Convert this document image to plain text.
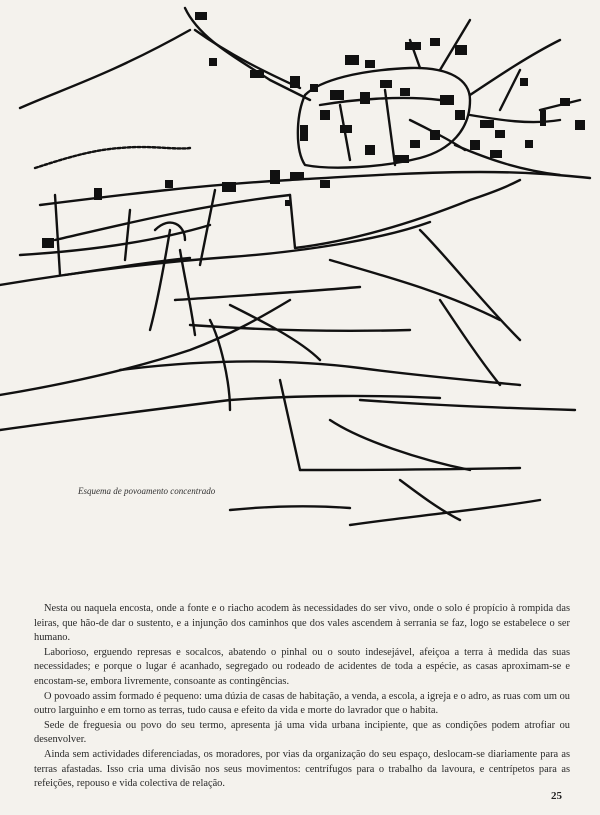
Esquema de povoamento concentrado

Nesta ou naquela encosta, onde a fonte e o riacho acodem às necessidades do ser vivo, onde o solo é propício à rompida das leiras, que hão-de dar o sustento, e a injunção dos caminhos que dos vales ascendem à serrania se faz, logo se estabelece o ser humano.

Laborioso, erguendo represas e socalcos, abatendo o pinhal ou o souto indesejável, afeiçoa a terra à medida das suas necessidades; e porque o lugar é acanhado, segregado ou rodeado de acidentes de toda a espécie, as casas aproximam-se e encostam-se, embora livremente, consoante as contingências.

O povoado assim formado é pequeno: uma dúzia de casas de habitação, a venda, a escola, a igreja e o adro, as ruas com um ou outro larguinho e em torno as terras, tudo causa e efeito da vida e morte do lavrador que o habita.

Sede de freguesia ou povo do seu termo, apresenta já uma vida urbana incipiente, que as condições podem atrofiar ou desenvolver.

Ainda sem actividades diferenciadas, os moradores, por vias da organização do seu espaço, deslocam-se diariamente para as terras afastadas. Isso cria uma divisão nos seus movimentos: centrífugos para o trabalho da lavoura, e centrípetos para as refeições, repouso e vida colectiva de relação.

25
